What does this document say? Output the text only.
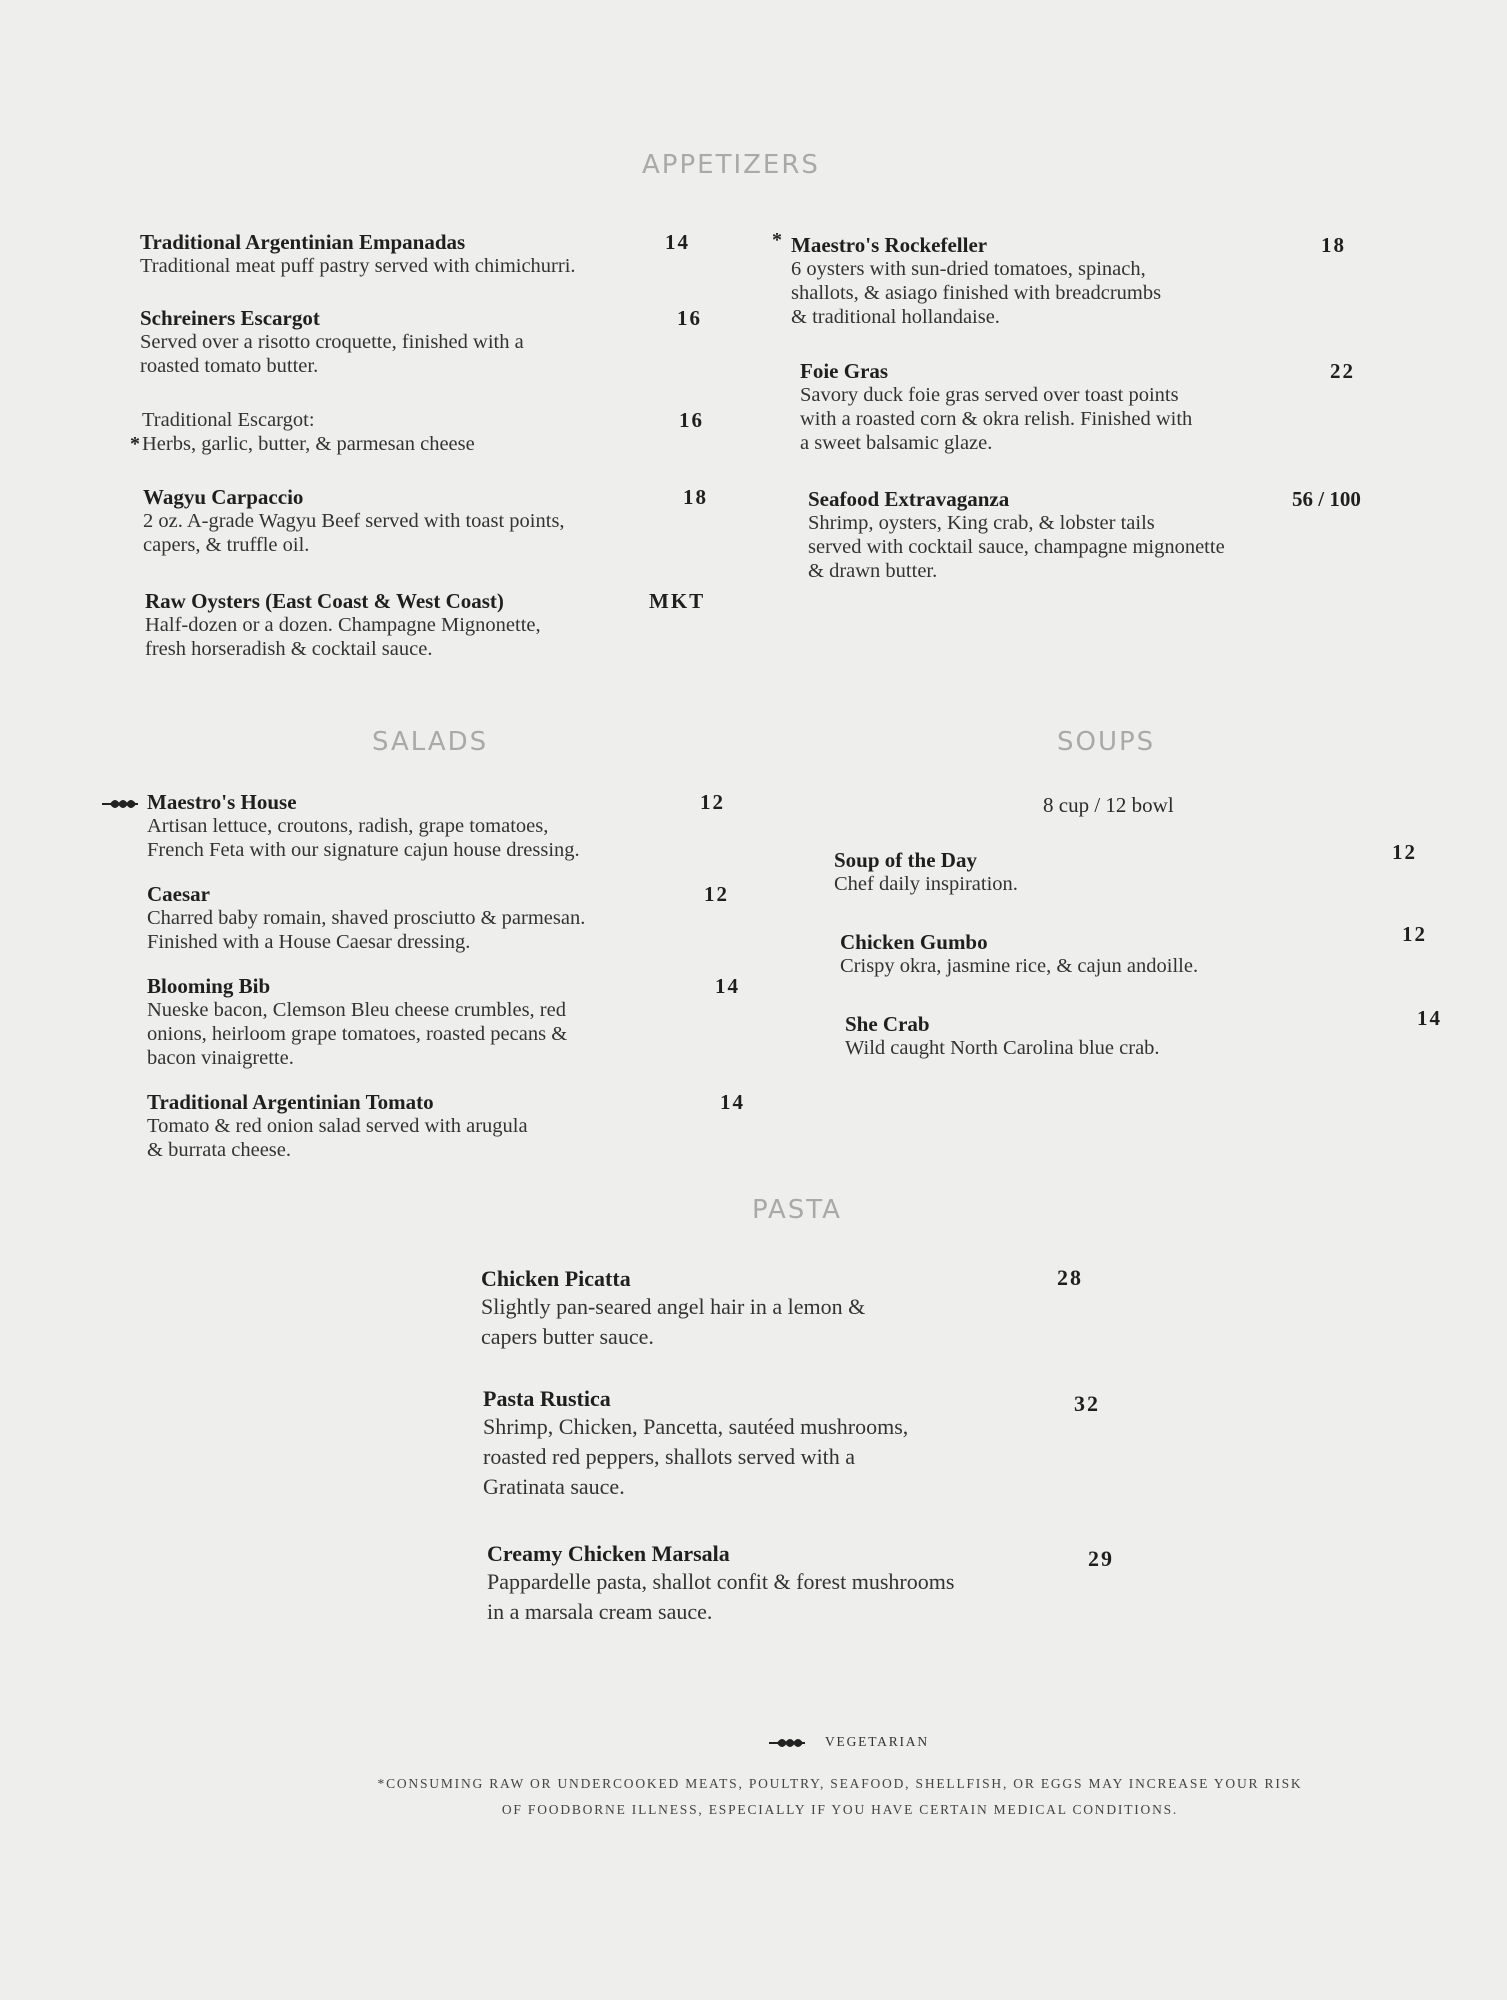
APPETIZERS
Traditional Argentinian Empanadas	14
Traditional meat puff pastry served with chimichurri.
Schreiners Escargot	16
Served over a risotto croquette, finished with a
roasted tomato butter.
Traditional Escargot:	16
Herbs, garlic, butter, & parmesan cheese
*
Wagyu Carpaccio	18
2 oz. A-grade Wagyu Beef served with toast points,
capers, & truffle oil.
Raw Oysters (East Coast & West Coast)	MKT
Half-dozen or a dozen. Champagne Mignonette,
fresh horseradish & cocktail sauce.
* Maestro's Rockefeller	18
6 oysters with sun-dried tomatoes, spinach,
shallots, & asiago finished with breadcrumbs
& traditional hollandaise.
Foie Gras	22
Savory duck foie gras served over toast points
with a roasted corn & okra relish. Finished with
a sweet balsamic glaze.
Seafood Extravaganza	56 / 100
Shrimp, oysters, King crab, & lobster tails
served with cocktail sauce, champagne mignonette
& drawn butter.
SALADS
Maestro's House	12
Artisan lettuce, croutons, radish, grape tomatoes,
French Feta with our signature cajun house dressing.
Caesar	12
Charred baby romain, shaved prosciutto & parmesan.
Finished with a House Caesar dressing.
Blooming Bib	14
Nueske bacon, Clemson Bleu cheese crumbles, red
onions, heirloom grape tomatoes, roasted pecans &
bacon vinaigrette.
Traditional Argentinian Tomato	14
Tomato & red onion salad served with arugula
& burrata cheese.
SOUPS
8 cup / 12 bowl
Soup of the Day	12
Chef daily inspiration.
Chicken Gumbo	12
Crispy okra, jasmine rice, & cajun andoille.
She Crab	14
Wild caught North Carolina blue crab.
PASTA
Chicken Picatta	28
Slightly pan-seared angel hair in a lemon &
capers butter sauce.
Pasta Rustica	32
Shrimp, Chicken, Pancetta, sautéed mushrooms,
roasted red peppers, shallots served with a
Gratinata sauce.
Creamy Chicken Marsala	29
Pappardelle pasta, shallot confit & forest mushrooms
in a marsala cream sauce.
VEGETARIAN
*CONSUMING RAW OR UNDERCOOKED MEATS, POULTRY, SEAFOOD, SHELLFISH, OR EGGS MAY INCREASE YOUR RISK
OF FOODBORNE ILLNESS, ESPECIALLY IF YOU HAVE CERTAIN MEDICAL CONDITIONS.
